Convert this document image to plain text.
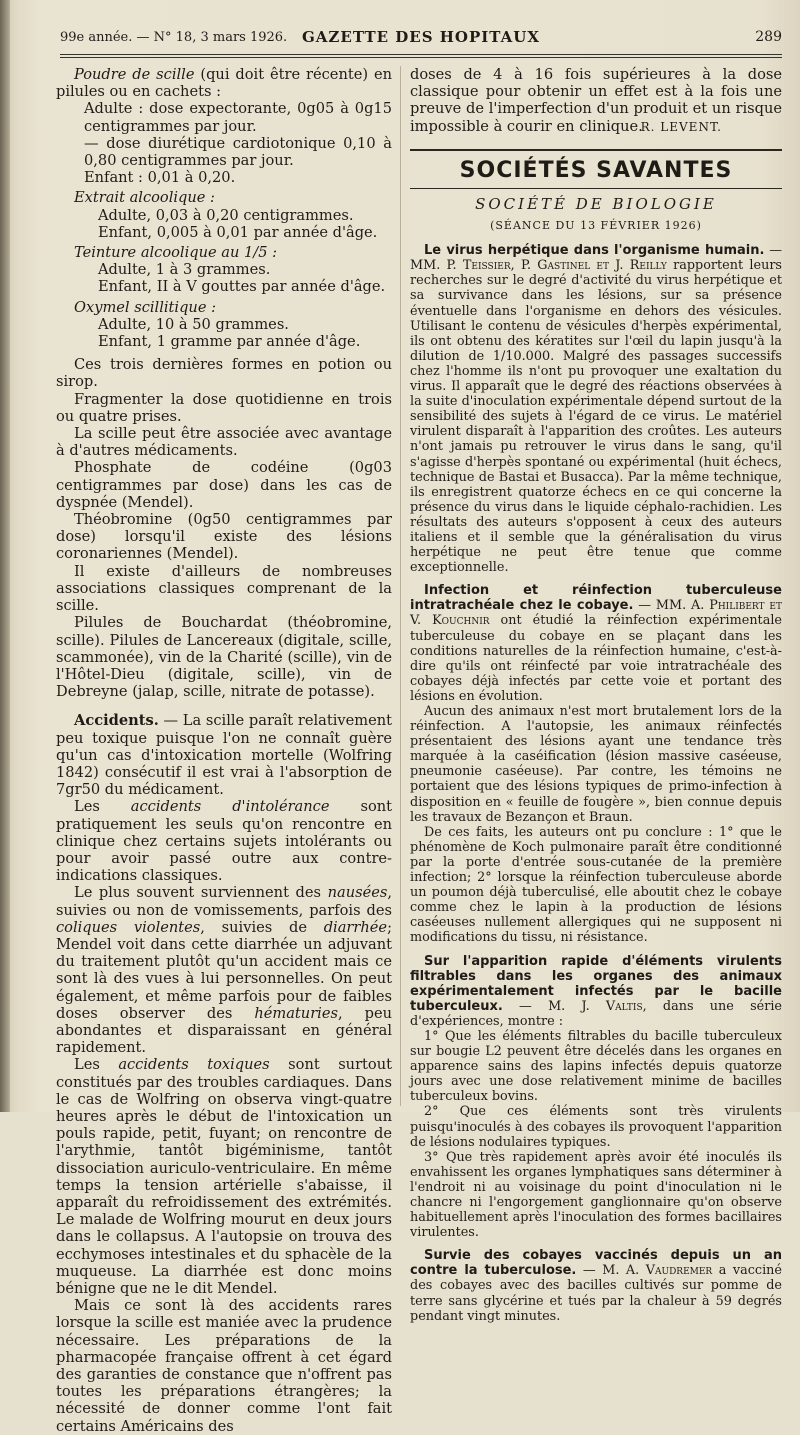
99e année. — N° 18, 3 mars 1926. GAZETTE DES HOPITAUX	289

Poudre de scille (qui doit être récente) en pilules ou en cachets :

Adulte : dose expectorante, 0g05 à 0g15 centigrammes par jour.

— dose diurétique cardiotonique 0,10 à 0,80 centigrammes par jour.

Enfant : 0,01 à 0,20.

Extrait alcoolique :

Adulte, 0,03 à 0,20 centigrammes.

Enfant, 0,005 à 0,01 par année d'âge.

Teinture alcoolique au 1/5 :

Adulte, 1 à 3 grammes.

Enfant, II à V gouttes par année d'âge.

Oxymel scillitique :

Adulte, 10 à 50 grammes.

Enfant, 1 gramme par année d'âge.

Ces trois dernières formes en potion ou sirop.

Fragmenter la dose quotidienne en trois ou quatre prises.

La scille peut être associée avec avantage à d'autres médicaments.

Phosphate de codéine (0g03 centigrammes par dose) dans les cas de dyspnée (Mendel).

Théobromine (0g50 centigrammes par dose) lorsqu'il existe des lésions coronariennes (Mendel).

Il existe d'ailleurs de nombreuses associations classiques comprenant de la scille.

Pilules de Bouchardat (théobromine, scille). Pilules de Lancereaux (digitale, scille, scammonée), vin de la Charité (scille), vin de l'Hôtel-Dieu (digitale, scille), vin de Debreyne (jalap, scille, nitrate de potasse).

Accidents. — La scille paraît relativement peu toxique puisque l'on ne connaît guère qu'un cas d'intoxication mortelle (Wolfring 1842) consécutif il est vrai à l'absorption de 7gr50 du médicament.

Les accidents d'intolérance sont pratiquement les seuls qu'on rencontre en clinique chez certains sujets intolérants ou pour avoir passé outre aux contre-indications classiques.

Le plus souvent surviennent des nausées, suivies ou non de vomissements, parfois des coliques violentes, suivies de diarrhée; Mendel voit dans cette diarrhée un adjuvant du traitement plutôt qu'un accident mais ce sont là des vues à lui personnelles. On peut également, et même parfois pour de faibles doses observer des hématuries, peu abondantes et disparaissant en général rapidement.

Les accidents toxiques sont surtout constitués par des troubles cardiaques. Dans le cas de Wolfring on observa vingt-quatre heures après le début de l'intoxication un pouls rapide, petit, fuyant; on rencontre de l'arythmie, tantôt bigéminisme, tantôt dissociation auriculo-ventriculaire. En même temps la tension artérielle s'abaisse, il apparaît du refroidissement des extrémités. Le malade de Wolfring mourut en deux jours dans le collapsus. A l'autopsie on trouva des ecchymoses intestinales et du sphacèle de la muqueuse. La diarrhée est donc moins bénigne que ne le dit Mendel.

Mais ce sont là des accidents rares lorsque la scille est maniée avec la prudence nécessaire. Les préparations de la pharmacopée française offrent à cet égard des garanties de constance que n'offrent pas toutes les préparations étrangères; la nécessité de donner comme l'ont fait certains Américains des

doses de 4 à 16 fois supérieures à la dose classique pour obtenir un effet est à la fois une preuve de l'imperfection d'un produit et un risque impossible à courir en clinique.

R. LEVENT.

SOCIÉTÉS SAVANTES

SOCIÉTÉ DE BIOLOGIE

(SÉANCE DU 13 FÉVRIER 1926)

Le virus herpétique dans l'organisme humain. — MM. P. Teissier, P. Gastinel et J. Reilly rapportent leurs recherches sur le degré d'activité du virus herpétique et sa survivance dans les lésions, sur sa présence éventuelle dans l'organisme en dehors des vésicules. Utilisant le contenu de vésicules d'herpès expérimental, ils ont obtenu des kératites sur l'œil du lapin jusqu'à la dilution de 1/10.000. Malgré des passages successifs chez l'homme ils n'ont pu provoquer une exaltation du virus. Il apparaît que le degré des réactions observées à la suite d'inoculation expérimentale dépend surtout de la sensibilité des sujets à l'égard de ce virus. Le matériel virulent disparaît à l'apparition des croûtes. Les auteurs n'ont jamais pu retrouver le virus dans le sang, qu'il s'agisse d'herpès spontané ou expérimental (huit échecs, technique de Bastai et Busacca). Par la même technique, ils enregistrent quatorze échecs en ce qui concerne la présence du virus dans le liquide céphalo-rachidien. Les résultats des auteurs s'opposent à ceux des auteurs italiens et il semble que la généralisation du virus herpétique ne peut être tenue que comme exceptionnelle.

Infection et réinfection tuberculeuse intratrachéale chez le cobaye. — MM. A. Philibert et V. Kouchnir ont étudié la réinfection expérimentale tuberculeuse du cobaye en se plaçant dans les conditions naturelles de la réinfection humaine, c'est-à-dire qu'ils ont réinfecté par voie intratrachéale des cobayes déjà infectés par cette voie et portant des lésions en évolution.

Aucun des animaux n'est mort brutalement lors de la réinfection. A l'autopsie, les animaux réinfectés présentaient des lésions ayant une tendance très marquée à la caséification (lésion massive caséeuse, pneumonie caséeuse). Par contre, les témoins ne portaient que des lésions typiques de primo-infection à disposition en « feuille de fougère », bien connue depuis les travaux de Bezançon et Braun.

De ces faits, les auteurs ont pu conclure : 1° que le phénomène de Koch pulmonaire paraît être conditionné par la porte d'entrée sous-cutanée de la première infection; 2° lorsque la réinfection tuberculeuse aborde un poumon déjà tuberculisé, elle aboutit chez le cobaye comme chez le lapin à la production de lésions caséeuses nullement allergiques qui ne supposent ni modifications du tissu, ni résistance.

Sur l'apparition rapide d'éléments virulents filtrables dans les organes des animaux expérimentalement infectés par le bacille tuberculeux. — M. J. Valtis, dans une série d'expériences, montre :

1° Que les éléments filtrables du bacille tuberculeux sur bougie L2 peuvent être décelés dans les organes en apparence sains des lapins infectés depuis quatorze jours avec une dose relativement minime de bacilles tuberculeux bovins.

2° Que ces éléments sont très virulents puisqu'inoculés à des cobayes ils provoquent l'apparition de lésions nodulaires typiques.

3° Que très rapidement après avoir été inoculés ils envahissent les organes lymphatiques sans déterminer à l'endroit ni au voisinage du point d'inoculation ni le chancre ni l'engorgement ganglionnaire qu'on observe habituellement après l'inoculation des formes bacillaires virulentes.

Survie des cobayes vaccinés depuis un an contre la tuberculose. — M. A. Vaudremer a vacciné des cobayes avec des bacilles cultivés sur pomme de terre sans glycérine et tués par la chaleur à 59 degrés pendant vingt minutes.
